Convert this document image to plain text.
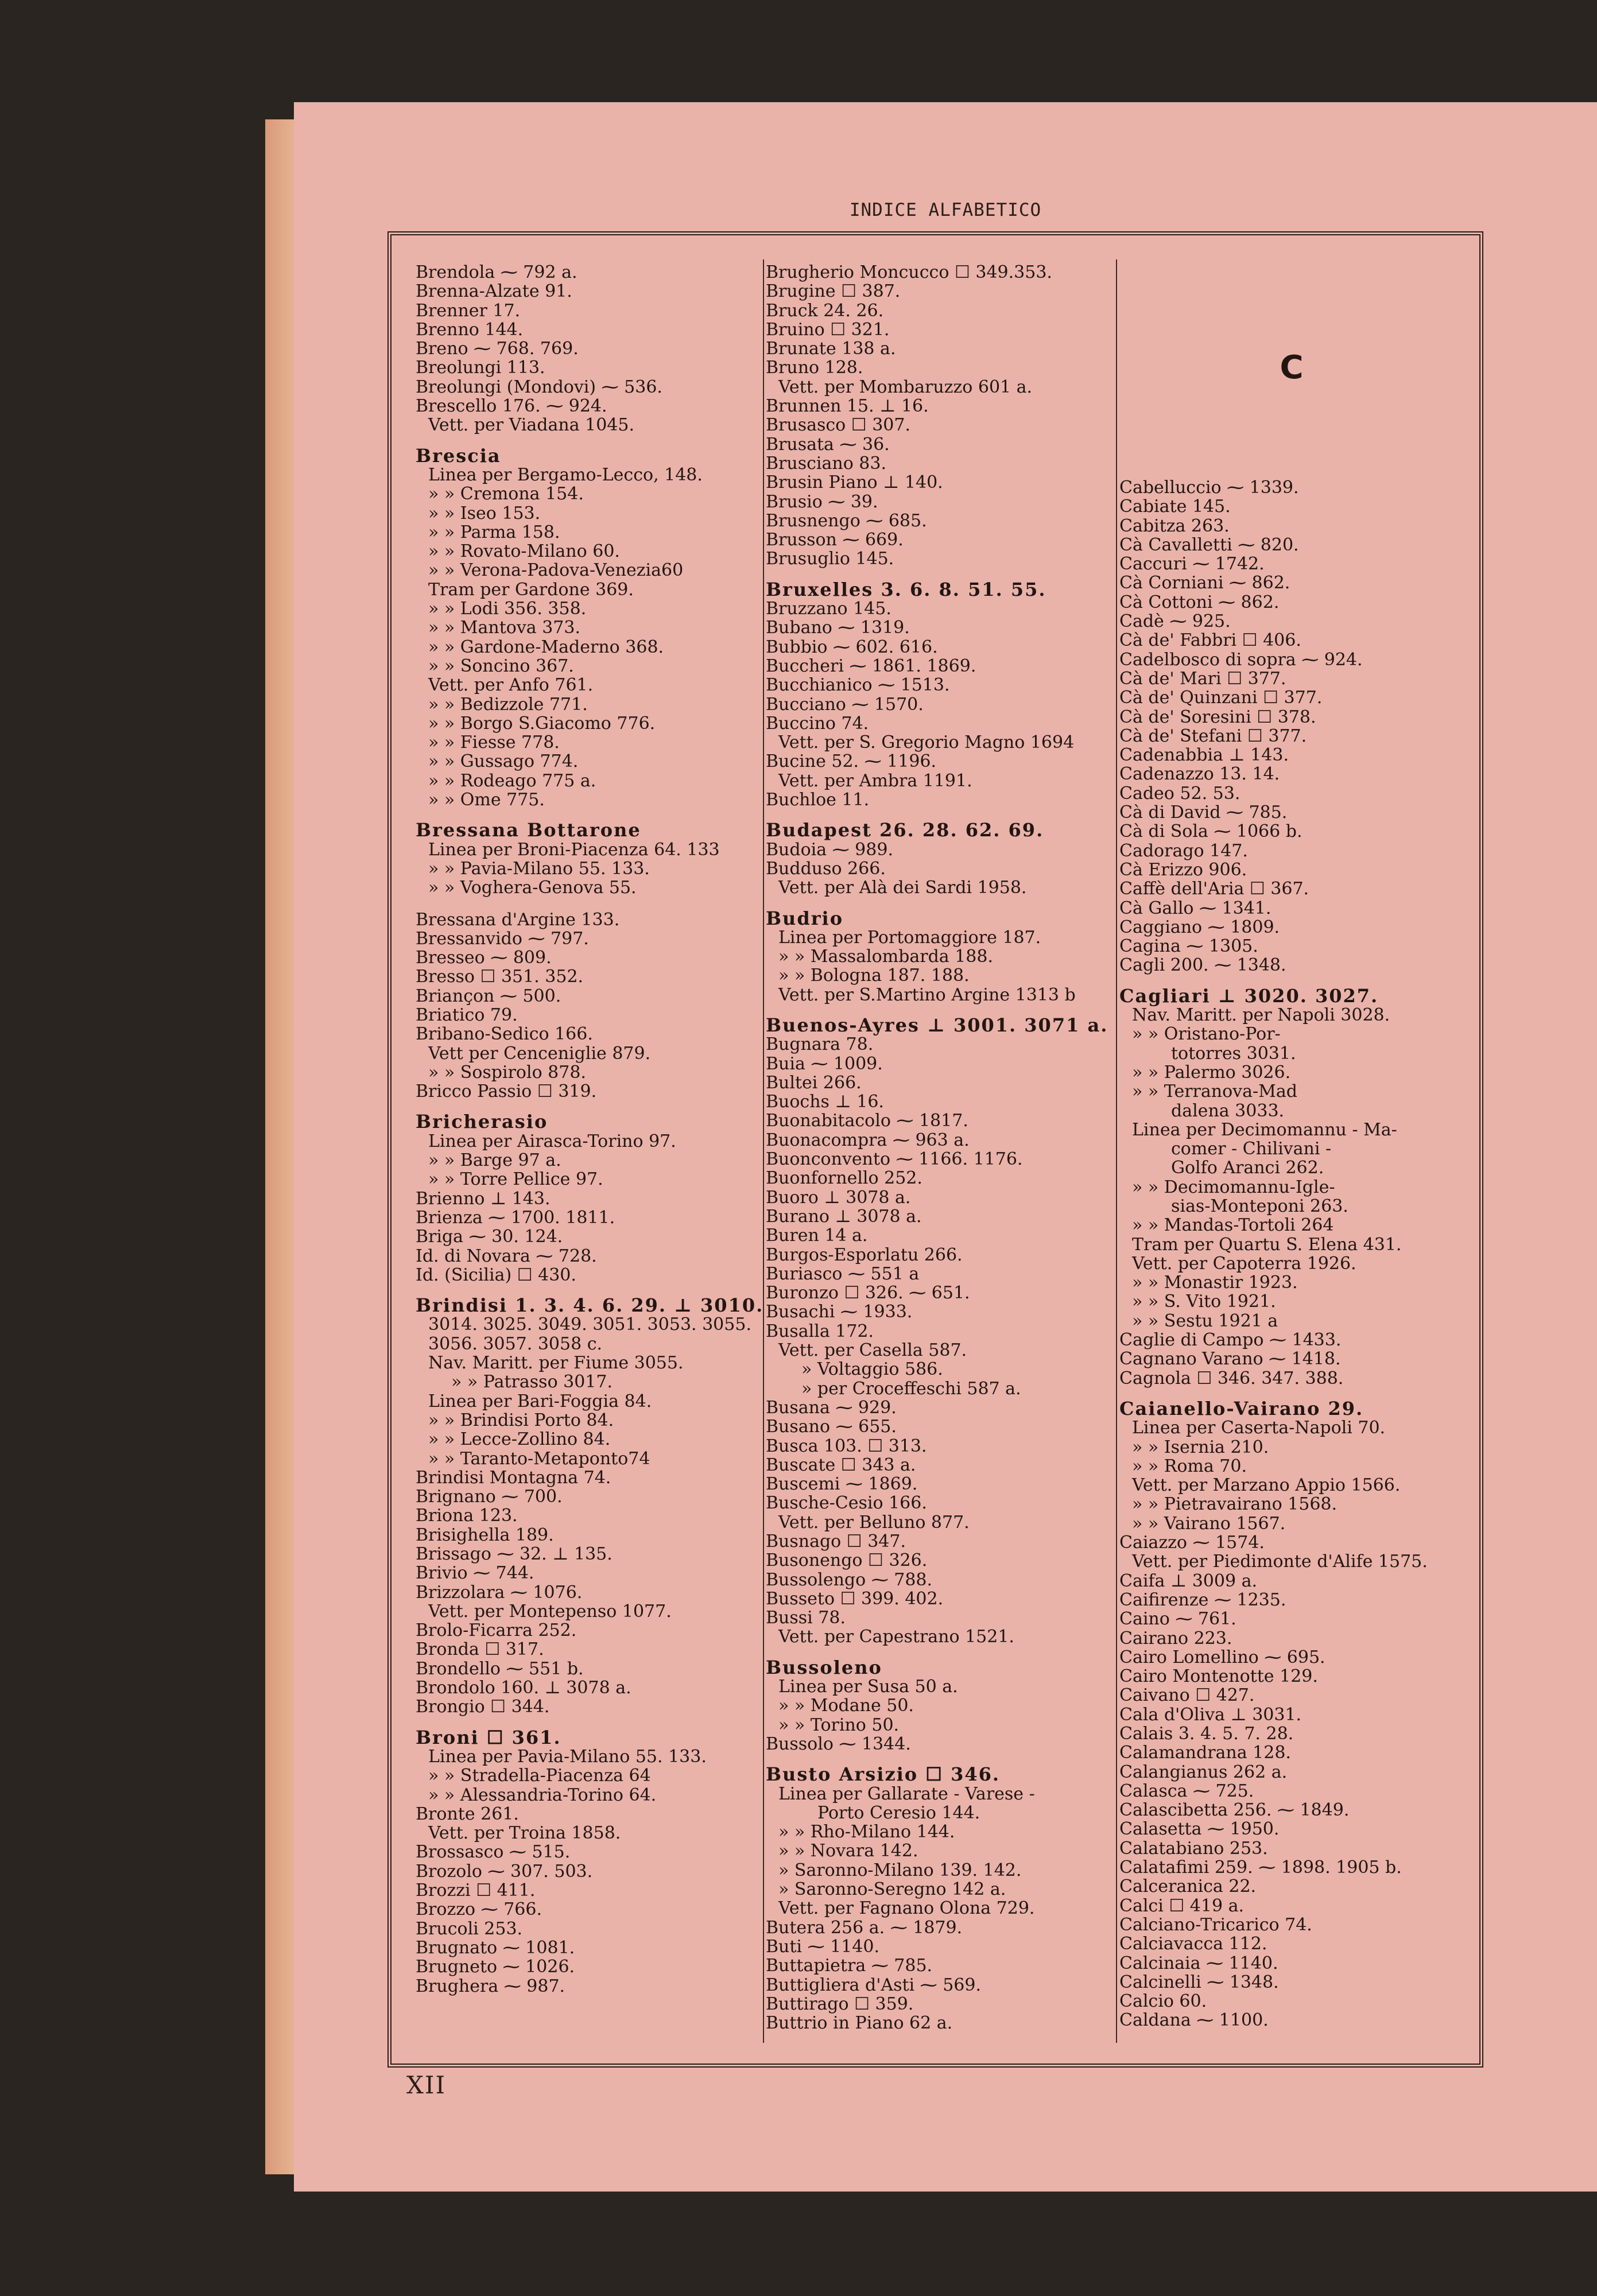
INDICE ALFABETICO
Brendola ⁓ 792 a.
Brenna-Alzate 91.
Brenner 17.
Brenno 144.
Breno ⁓ 768. 769.
Breolungi 113.
Breolungi (Mondovi) ⁓ 536.
Brescello 176. ⁓ 924.
Vett. per Viadana 1045.
Brescia
Linea per Bergamo-Lecco, 148.
» » Cremona 154.
» » Iseo 153.
» » Parma 158.
» » Rovato-Milano 60.
» » Verona-Padova-Venezia60
Tram per Gardone 369.
» » Lodi 356. 358.
» » Mantova 373.
» » Gardone-Maderno 368.
» » Soncino 367.
Vett. per Anfo 761.
» » Bedizzole 771.
» » Borgo S.Giacomo 776.
» » Fiesse 778.
» » Gussago 774.
» » Rodeago 775 a.
» » Ome 775.
Bressana Bottarone
Linea per Broni-Piacenza 64. 133
» » Pavia-Milano 55. 133.
» » Voghera-Genova 55.
Bressana d'Argine 133.
Bressanvido ⁓ 797.
Bresseo ⁓ 809.
Bresso ☐ 351. 352.
Briançon ⁓ 500.
Briatico 79.
Bribano-Sedico 166.
Vett per Cenceniglie 879.
» » Sospirolo 878.
Bricco Passio ☐ 319.
Bricherasio
Linea per Airasca-Torino 97.
» » Barge 97 a.
» » Torre Pellice 97.
Brienno ⊥ 143.
Brienza ⁓ 1700. 1811.
Briga ⁓ 30. 124.
Id. di Novara ⁓ 728.
Id. (Sicilia) ☐ 430.
Brindisi 1. 3. 4. 6. 29. ⊥ 3010.
3014. 3025. 3049. 3051. 3053. 3055.
3056. 3057. 3058 c.
Nav. Maritt. per Fiume 3055.
» » Patrasso 3017.
Linea per Bari-Foggia 84.
» » Brindisi Porto 84.
» » Lecce-Zollino 84.
» » Taranto-Metaponto74
Brindisi Montagna 74.
Brignano ⁓ 700.
Briona 123.
Brisighella 189.
Brissago ⁓ 32. ⊥ 135.
Brivio ⁓ 744.
Brizzolara ⁓ 1076.
Vett. per Montepenso 1077.
Brolo-Ficarra 252.
Bronda ☐ 317.
Brondello ⁓ 551 b.
Brondolo 160. ⊥ 3078 a.
Brongio ☐ 344.
Broni ☐ 361.
Linea per Pavia-Milano 55. 133.
» » Stradella-Piacenza 64
» » Alessandria-Torino 64.
Bronte 261.
Vett. per Troina 1858.
Brossasco ⁓ 515.
Brozolo ⁓ 307. 503.
Brozzi ☐ 411.
Brozzo ⁓ 766.
Brucoli 253.
Brugnato ⁓ 1081.
Brugneto ⁓ 1026.
Brughera ⁓ 987.
Brugherio Moncucco ☐ 349.353.
Brugine ☐ 387.
Bruck 24. 26.
Bruino ☐ 321.
Brunate 138 a.
Bruno 128.
Vett. per Mombaruzzo 601 a.
Brunnen 15. ⊥ 16.
Brusasco ☐ 307.
Brusata ⁓ 36.
Brusciano 83.
Brusin Piano ⊥ 140.
Brusio ⁓ 39.
Brusnengo ⁓ 685.
Brusson ⁓ 669.
Brusuglio 145.
Bruxelles 3. 6. 8. 51. 55.
Bruzzano 145.
Bubano ⁓ 1319.
Bubbio ⁓ 602. 616.
Buccheri ⁓ 1861. 1869.
Bucchianico ⁓ 1513.
Bucciano ⁓ 1570.
Buccino 74.
Vett. per S. Gregorio Magno 1694
Bucine 52. ⁓ 1196.
Vett. per Ambra 1191.
Buchloe 11.
Budapest 26. 28. 62. 69.
Budoia ⁓ 989.
Budduso 266.
Vett. per Alà dei Sardi 1958.
Budrio
Linea per Portomaggiore 187.
» » Massalombarda 188.
» » Bologna 187. 188.
Vett. per S.Martino Argine 1313 b
Buenos-Ayres ⊥ 3001. 3071 a.
Bugnara 78.
Buia ⁓ 1009.
Bultei 266.
Buochs ⊥ 16.
Buonabitacolo ⁓ 1817.
Buonacompra ⁓ 963 a.
Buonconvento ⁓ 1166. 1176.
Buonfornello 252.
Buoro ⊥ 3078 a.
Burano ⊥ 3078 a.
Buren 14 a.
Burgos-Esporlatu 266.
Buriasco ⁓ 551 a
Buronzo ☐ 326. ⁓ 651.
Busachi ⁓ 1933.
Busalla 172.
Vett. per Casella 587.
» Voltaggio 586.
» per Croceffeschi 587 a.
Busana ⁓ 929.
Busano ⁓ 655.
Busca 103. ☐ 313.
Buscate ☐ 343 a.
Buscemi ⁓ 1869.
Busche-Cesio 166.
Vett. per Belluno 877.
Busnago ☐ 347.
Busonengo ☐ 326.
Bussolengo ⁓ 788.
Busseto ☐ 399. 402.
Bussi 78.
Vett. per Capestrano 1521.
Bussoleno
Linea per Susa 50 a.
» » Modane 50.
» » Torino 50.
Bussolo ⁓ 1344.
Busto Arsizio ☐ 346.
Linea per Gallarate - Varese -
Porto Ceresio 144.
» » Rho-Milano 144.
» » Novara 142.
» Saronno-Milano 139. 142.
» Saronno-Seregno 142 a.
Vett. per Fagnano Olona 729.
Butera 256 a. ⁓ 1879.
Buti ⁓ 1140.
Buttapietra ⁓ 785.
Buttigliera d'Asti ⁓ 569.
Buttirago ☐ 359.
Buttrio in Piano 62 a.
C
Cabelluccio ⁓ 1339.
Cabiate 145.
Cabitza 263.
Cà Cavalletti ⁓ 820.
Caccuri ⁓ 1742.
Cà Corniani ⁓ 862.
Cà Cottoni ⁓ 862.
Cadè ⁓ 925.
Cà de' Fabbri ☐ 406.
Cadelbosco di sopra ⁓ 924.
Cà de' Mari ☐ 377.
Cà de' Quinzani ☐ 377.
Cà de' Soresini ☐ 378.
Cà de' Stefani ☐ 377.
Cadenabbia ⊥ 143.
Cadenazzo 13. 14.
Cadeo 52. 53.
Cà di David ⁓ 785.
Cà di Sola ⁓ 1066 b.
Cadorago 147.
Cà Erizzo 906.
Caffè dell'Aria ☐ 367.
Cà Gallo ⁓ 1341.
Caggiano ⁓ 1809.
Cagina ⁓ 1305.
Cagli 200. ⁓ 1348.
Cagliari ⊥ 3020. 3027.
Nav. Maritt. per Napoli 3028.
» » Oristano-Por-
totorres 3031.
» » Palermo 3026.
» » Terranova-Mad
dalena 3033.
Linea per Decimomannu - Ma-
comer - Chilivani -
Golfo Aranci 262.
» » Decimomannu-Igle-
sias-Monteponi 263.
» » Mandas-Tortoli 264
Tram per Quartu S. Elena 431.
Vett. per Capoterra 1926.
» » Monastir 1923.
» » S. Vito 1921.
» » Sestu 1921 a
Caglie di Campo ⁓ 1433.
Cagnano Varano ⁓ 1418.
Cagnola ☐ 346. 347. 388.
Caianello-Vairano 29.
Linea per Caserta-Napoli 70.
» » Isernia 210.
» » Roma 70.
Vett. per Marzano Appio 1566.
» » Pietravairano 1568.
» » Vairano 1567.
Caiazzo ⁓ 1574.
Vett. per Piedimonte d'Alife 1575.
Caifa ⊥ 3009 a.
Caifirenze ⁓ 1235.
Caino ⁓ 761.
Cairano 223.
Cairo Lomellino ⁓ 695.
Cairo Montenotte 129.
Caivano ☐ 427.
Cala d'Oliva ⊥ 3031.
Calais 3. 4. 5. 7. 28.
Calamandrana 128.
Calangianus 262 a.
Calasca ⁓ 725.
Calascibetta 256. ⁓ 1849.
Calasetta ⁓ 1950.
Calatabiano 253.
Calatafimi 259. ⁓ 1898. 1905 b.
Calceranica 22.
Calci ☐ 419 a.
Calciano-Tricarico 74.
Calciavacca 112.
Calcinaia ⁓ 1140.
Calcinelli ⁓ 1348.
Calcio 60.
Caldana ⁓ 1100.
XII
